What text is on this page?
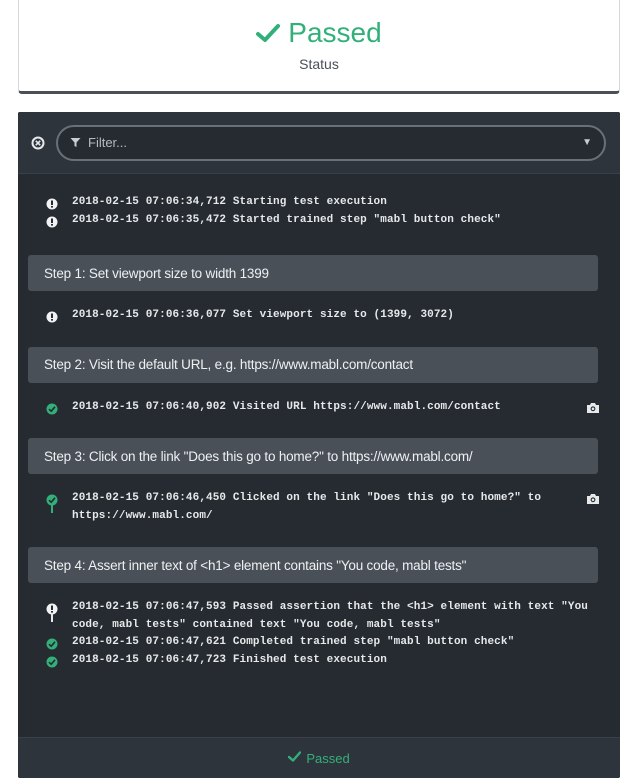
Passed
Status
Filter...
▼
2018-02-15 07:06:34,712 Starting test execution
2018-02-15 07:06:35,472 Started trained step "mabl button check"
Step 1: Set viewport size to width 1399
2018-02-15 07:06:36,077 Set viewport size to (1399, 3072)
Step 2: Visit the default URL, e.g. https://www.mabl.com/contact
2018-02-15 07:06:40,902 Visited URL https://www.mabl.com/contact
Step 3: Click on the link "Does this go to home?" to https://www.mabl.com/
2018-02-15 07:06:46,450 Clicked on the link "Does this go to home?" to https://www.mabl.com/
Step 4: Assert inner text of <h1> element contains "You code, mabl tests"
2018-02-15 07:06:47,593 Passed assertion that the <h1> element with text "You code, mabl tests" contained text "You code, mabl tests"
2018-02-15 07:06:47,621 Completed trained step "mabl button check"
2018-02-15 07:06:47,723 Finished test execution
Passed
